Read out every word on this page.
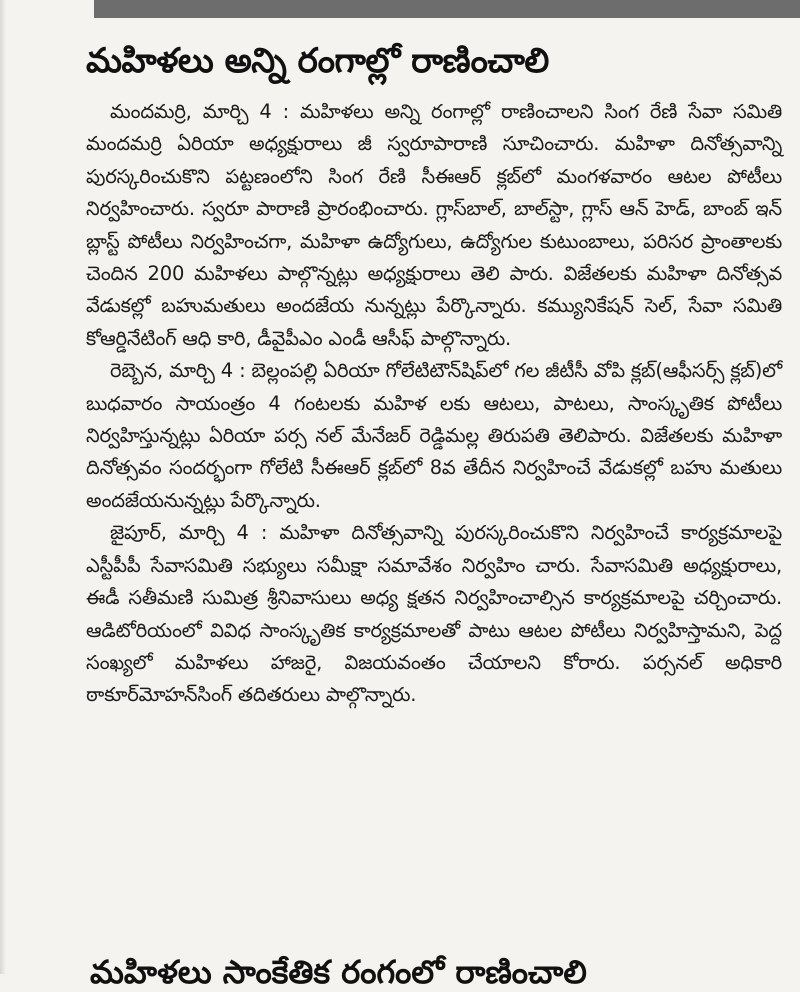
మహిళలు అన్ని రంగాల్లో రాణించాలి

మందమర్రి, మార్చి 4 : మహిళలు అన్ని రంగాల్లో రాణించాలని సింగ రేణి సేవా సమితి మందమర్రి ఏరియా అధ్యక్షురాలు జీ స్వరూపారాణి సూచించారు. మహిళా దినోత్సవాన్ని పురస్కరించుకొని పట్టణంలోని సింగ రేణి సీఈఆర్ క్లబ్‌లో మంగళవారం ఆటల పోటీలు నిర్వహించారు. స్వరూ పారాణి ప్రారంభించారు. గ్లాస్‌బాల్, బాల్‌స్టా, గ్లాస్ ఆన్ హెడ్, బాంబ్ ఇన్ బ్లాస్ట్ పోటీలు నిర్వహించగా, మహిళా ఉద్యోగులు, ఉద్యోగుల కుటుంబాలు, పరిసర ప్రాంతాలకు చెందిన 200 మహిళలు పాల్గొన్నట్లు అధ్యక్షురాలు తెలి పారు. విజేతలకు మహిళా దినోత్సవ వేడుకల్లో బహుమతులు అందజేయ నున్నట్లు పేర్కొన్నారు. కమ్యునికేషన్ సెల్, సేవా సమితి కోఆర్డినేటింగ్ ఆధి కారి, డీవైపీఎం ఎండీ ఆసీఫ్ పాల్గొన్నారు.

రెబ్బెన, మార్చి 4 : బెల్లంపల్లి ఏరియా గోలేటిటౌన్‌షిప్‌లో గల జీటీసీ వోపి క్లబ్(ఆఫీసర్స్ క్లబ్)లో బుధవారం సాయంత్రం 4 గంటలకు మహిళ లకు ఆటలు, పాటలు, సాంస్కృతిక పోటీలు నిర్వహిస్తున్నట్లు ఏరియా పర్స నల్ మేనేజర్ రెడ్డిమల్ల తిరుపతి తెలిపారు. విజేతలకు మహిళా దినోత్సవం సందర్భంగా గోలేటి సీఈఆర్ క్లబ్‌లో 8వ తేదీన నిర్వహించే వేడుకల్లో బహు మతులు అందజేయనున్నట్లు పేర్కొన్నారు.

జైపూర్, మార్చి 4 : మహిళా దినోత్సవాన్ని పురస్కరించుకొని నిర్వహించే కార్యక్రమాలపై ఎస్టీపీపీ సేవాసమితి సభ్యులు సమీక్షా సమావేశం నిర్వహిం చారు. సేవాసమితి అధ్యక్షురాలు, ఈడీ సతీమణి సుమిత్ర శ్రీనివాసులు అధ్య క్షతన నిర్వహించాల్సిన కార్యక్రమాలపై చర్చించారు. ఆడిటోరియంలో వివిధ సాంస్కృతిక కార్యక్రమాలతో పాటు ఆటల పోటీలు నిర్వహిస్తామని, పెద్ద సంఖ్యలో మహిళలు హాజరై, విజయవంతం చేయాలని కోరారు. పర్సనల్ అధికారి ఠాకూర్‌మోహన్‌సింగ్ తదితరులు పాల్గొన్నారు.

మహిళలు సాంకేతిక రంగంలో రాణించాలి
